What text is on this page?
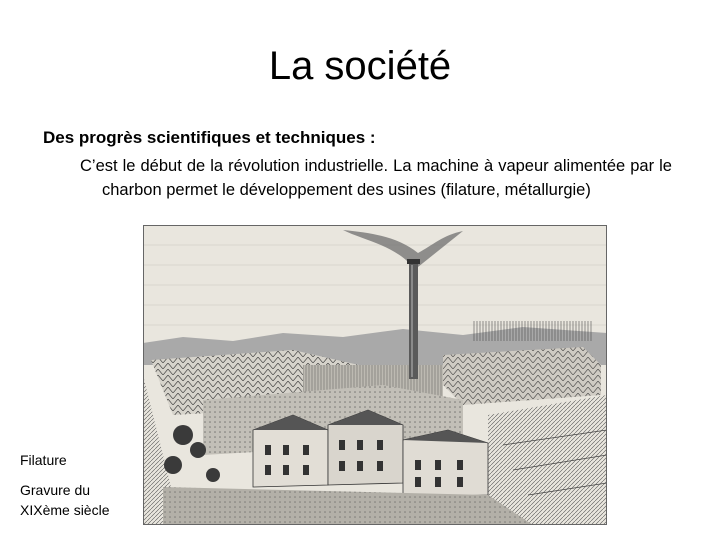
La société
Des progrès scientifiques et techniques :
C’est le début de la révolution industrielle. La machine à vapeur alimentée par le charbon permet le développement des usines (filature, métallurgie)
Filature
Gravure du XIXème siècle
